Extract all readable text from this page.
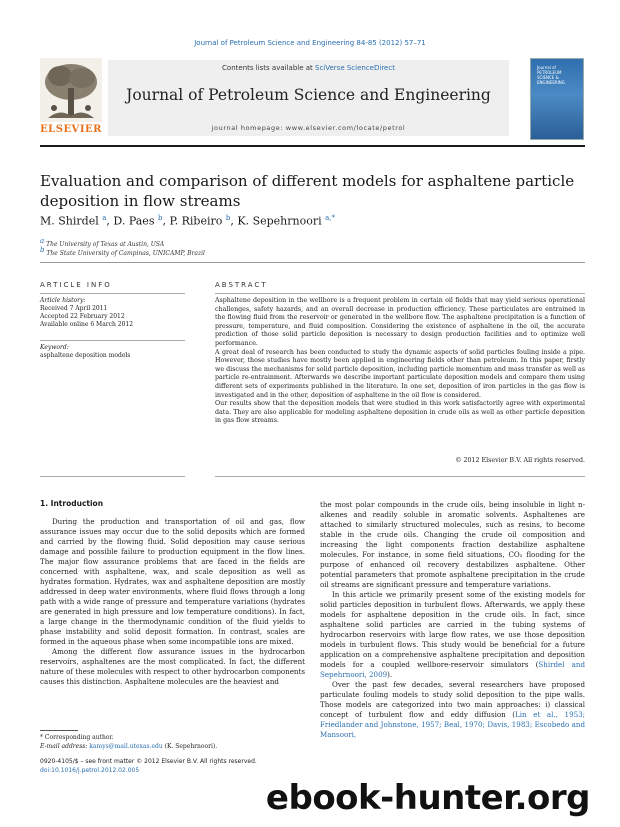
Journal of Petroleum Science and Engineering 84-85 (2012) 57–71
Contents lists available at SciVerse ScienceDirect
Journal of Petroleum Science and Engineering
journal homepage: www.elsevier.com/locate/petrol
ELSEVIER
Journal of PETROLEUM SCIENCE & ENGINEERING
Evaluation and comparison of different models for asphaltene particle deposition in flow streams
M. Shirdel $^a$, D. Paes $^b$, P. Ribeiro $^b$, K. Sepehrnoori $^{a,*}$
$^a$ The University of Texas at Austin, USA
$^b$ The State University of Campinas, UNICAMP, Brazil
ARTICLE INFO
Article history:
Received 7 April 2011
Accepted 22 February 2012
Available online 6 March 2012
Keyword:
asphaltene deposition models
ABSTRACT

Asphaltene deposition in the wellbore is a frequent problem in certain oil fields that may yield serious operational challenges, safety hazards, and an overall decrease in production efficiency. These particulates are entrained in the flowing fluid from the reservoir or generated in the wellbore flow. The asphaltene precipitation is a function of pressure, temperature, and fluid composition. Considering the existence of asphaltene in the oil, the accurate prediction of those solid particle deposition is necessary to design production facilities and to optimize well performance.

A great deal of research has been conducted to study the dynamic aspects of solid particles fouling inside a pipe. However, those studies have mostly been applied in engineering fields other than petroleum. In this paper, firstly we discuss the mechanisms for solid particle deposition, including particle momentum and mass transfer as well as particle re-entrainment. Afterwards we describe important particulate deposition models and compare them using different sets of experiments published in the literature. In one set, deposition of iron particles in the gas flow is investigated and in the other, deposition of asphaltene in the oil flow is considered.

Our results show that the deposition models that were studied in this work satisfactorily agree with experimental data. They are also applicable for modeling asphaltene deposition in crude oils as well as other particle deposition in gas flow streams.

© 2012 Elsevier B.V. All rights reserved.
1. Introduction

During the production and transportation of oil and gas, flow assurance issues may occur due to the solid deposits which are formed and carried by the flowing fluid. Solid deposition may cause serious damage and possible failure to production equipment in the flow lines. The major flow assurance problems that are faced in the fields are concerned with asphaltene, wax, and scale deposition as well as hydrates formation. Hydrates, wax and asphaltene deposition are mostly addressed in deep water environments, where fluid flows through a long path with a wide range of pressure and temperature variations (hydrates are generated in high pressure and low temperature conditions). In fact, a large change in the thermodynamic condition of the fluid yields to phase instability and solid deposit formation. In contrast, scales are formed in the aqueous phase when some incompatible ions are mixed.

Among the different flow assurance issues in the hydrocarbon reservoirs, asphaltenes are the most complicated. In fact, the different nature of these molecules with respect to other hydrocarbon components causes this distinction. Asphaltene molecules are the heaviest and

the most polar compounds in the crude oils, being insoluble in light n-alkenes and readily soluble in aromatic solvents. Asphaltenes are attached to similarly structured molecules, such as resins, to become stable in the crude oils. Changing the crude oil composition and increasing the light components fraction destabilize asphaltene molecules. For instance, in some field situations, CO₂ flooding for the purpose of enhanced oil recovery destabilizes asphaltene. Other potential parameters that promote asphaltene precipitation in the crude oil streams are significant pressure and temperature variations.

In this article we primarily present some of the existing models for solid particles deposition in turbulent flows. Afterwards, we apply these models for asphaltene deposition in the crude oils. In fact, since asphaltene solid particles are carried in the tubing systems of hydrocarbon reservoirs with large flow rates, we use those deposition models in turbulent flows. This study would be beneficial for a future application on a comprehensive asphaltene precipitation and deposition models for a coupled wellbore-reservoir simulators (Shirdel and Sepehrnoori, 2009).

Over the past few decades, several researchers have proposed particulate fouling models to study solid deposition to the pipe walls. Those models are categorized into two main approaches: i) classical concept of turbulent flow and eddy diffusion (Lin et al., 1953; Friedlander and Johnstone, 1957; Beal, 1970; Davis, 1983; Escobedo and Mansoori,

* Corresponding author.
E-mail address: kamys@mail.utexas.edu (K. Sepehrnoori).
0920-4105/$ – see front matter © 2012 Elsevier B.V. All rights reserved.
doi:10.1016/j.petrol.2012.02.005
ebook-hunter.org
